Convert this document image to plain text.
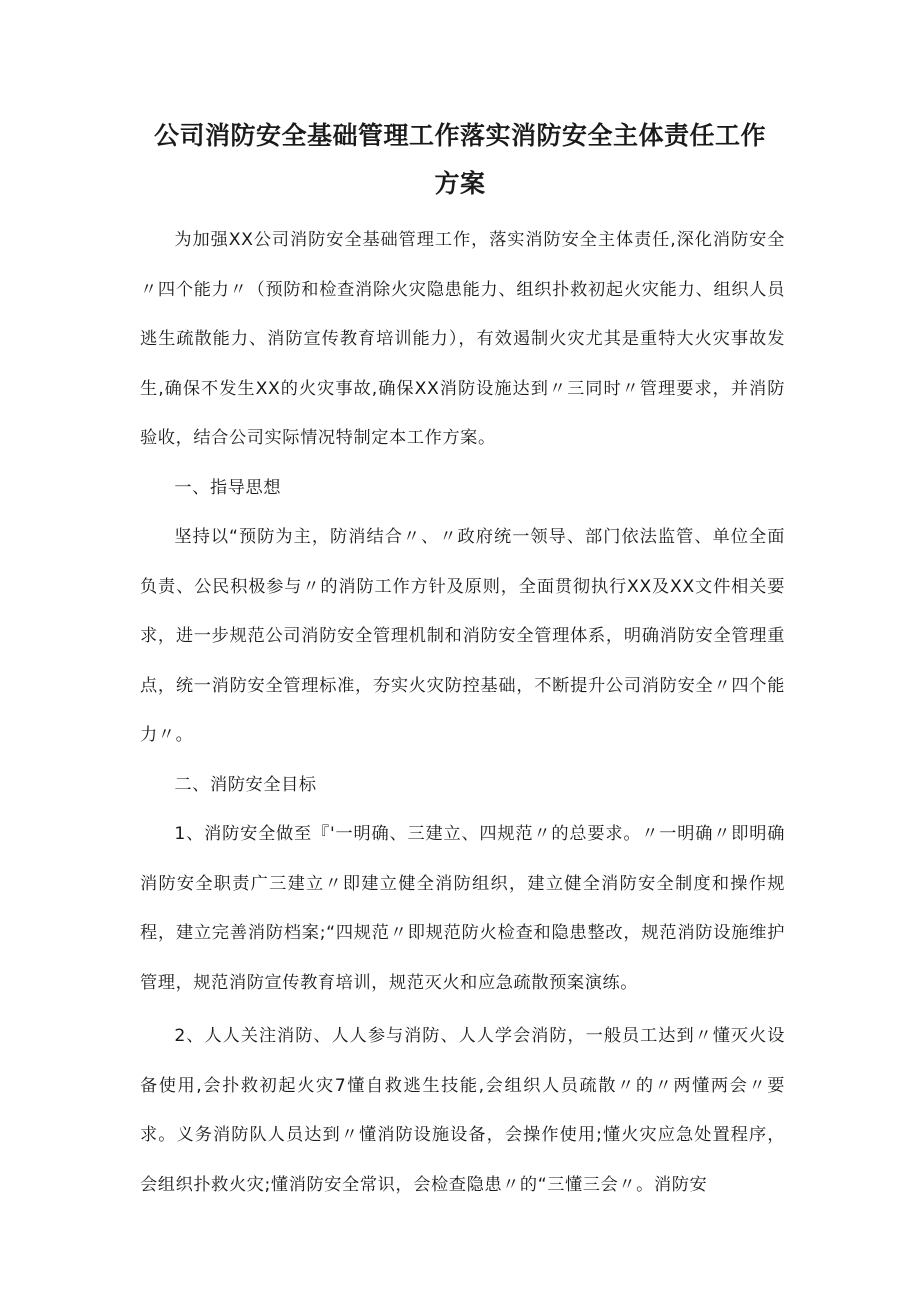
公司消防安全基础管理工作落实消防安全主体责任工作
方案

为加强XX公司消防安全基础管理工作，落实消防安全主体责任,深化消防安全〃四个能力〃（预防和检查消除火灾隐患能力、组织扑救初起火灾能力、组织人员逃生疏散能力、消防宣传教育培训能力），有效遏制火灾尤其是重特大火灾事故发生,确保不发生XX的火灾事故,确保XX消防设施达到〃三同时〃管理要求，并消防验收，结合公司实际情况特制定本工作方案。

一、指导思想

坚持以“预防为主，防消结合〃、〃政府统一领导、部门依法监管、单位全面负责、公民积极参与〃的消防工作方针及原则，全面贯彻执行XX及XX文件相关要求，进一步规范公司消防安全管理机制和消防安全管理体系，明确消防安全管理重点，统一消防安全管理标准，夯实火灾防控基础，不断提升公司消防安全〃四个能力〃。

二、消防安全目标

1、消防安全做至『'一明确、三建立、四规范〃的总要求。〃一明确〃即明确消防安全职责广三建立〃即建立健全消防组织，建立健全消防安全制度和操作规程，建立完善消防档案;“四规范〃即规范防火检查和隐患整改，规范消防设施维护管理，规范消防宣传教育培训，规范灭火和应急疏散预案演练。

2、人人关注消防、人人参与消防、人人学会消防，一般员工达到〃懂灭火设备使用,会扑救初起火灾7懂自救逃生技能,会组织人员疏散〃的〃两懂两会〃要求。义务消防队人员达到〃懂消防设施设备，会操作使用;懂火灾应急处置程序，会组织扑救火灾;懂消防安全常识，会检查隐患〃的“三懂三会〃。消防安
